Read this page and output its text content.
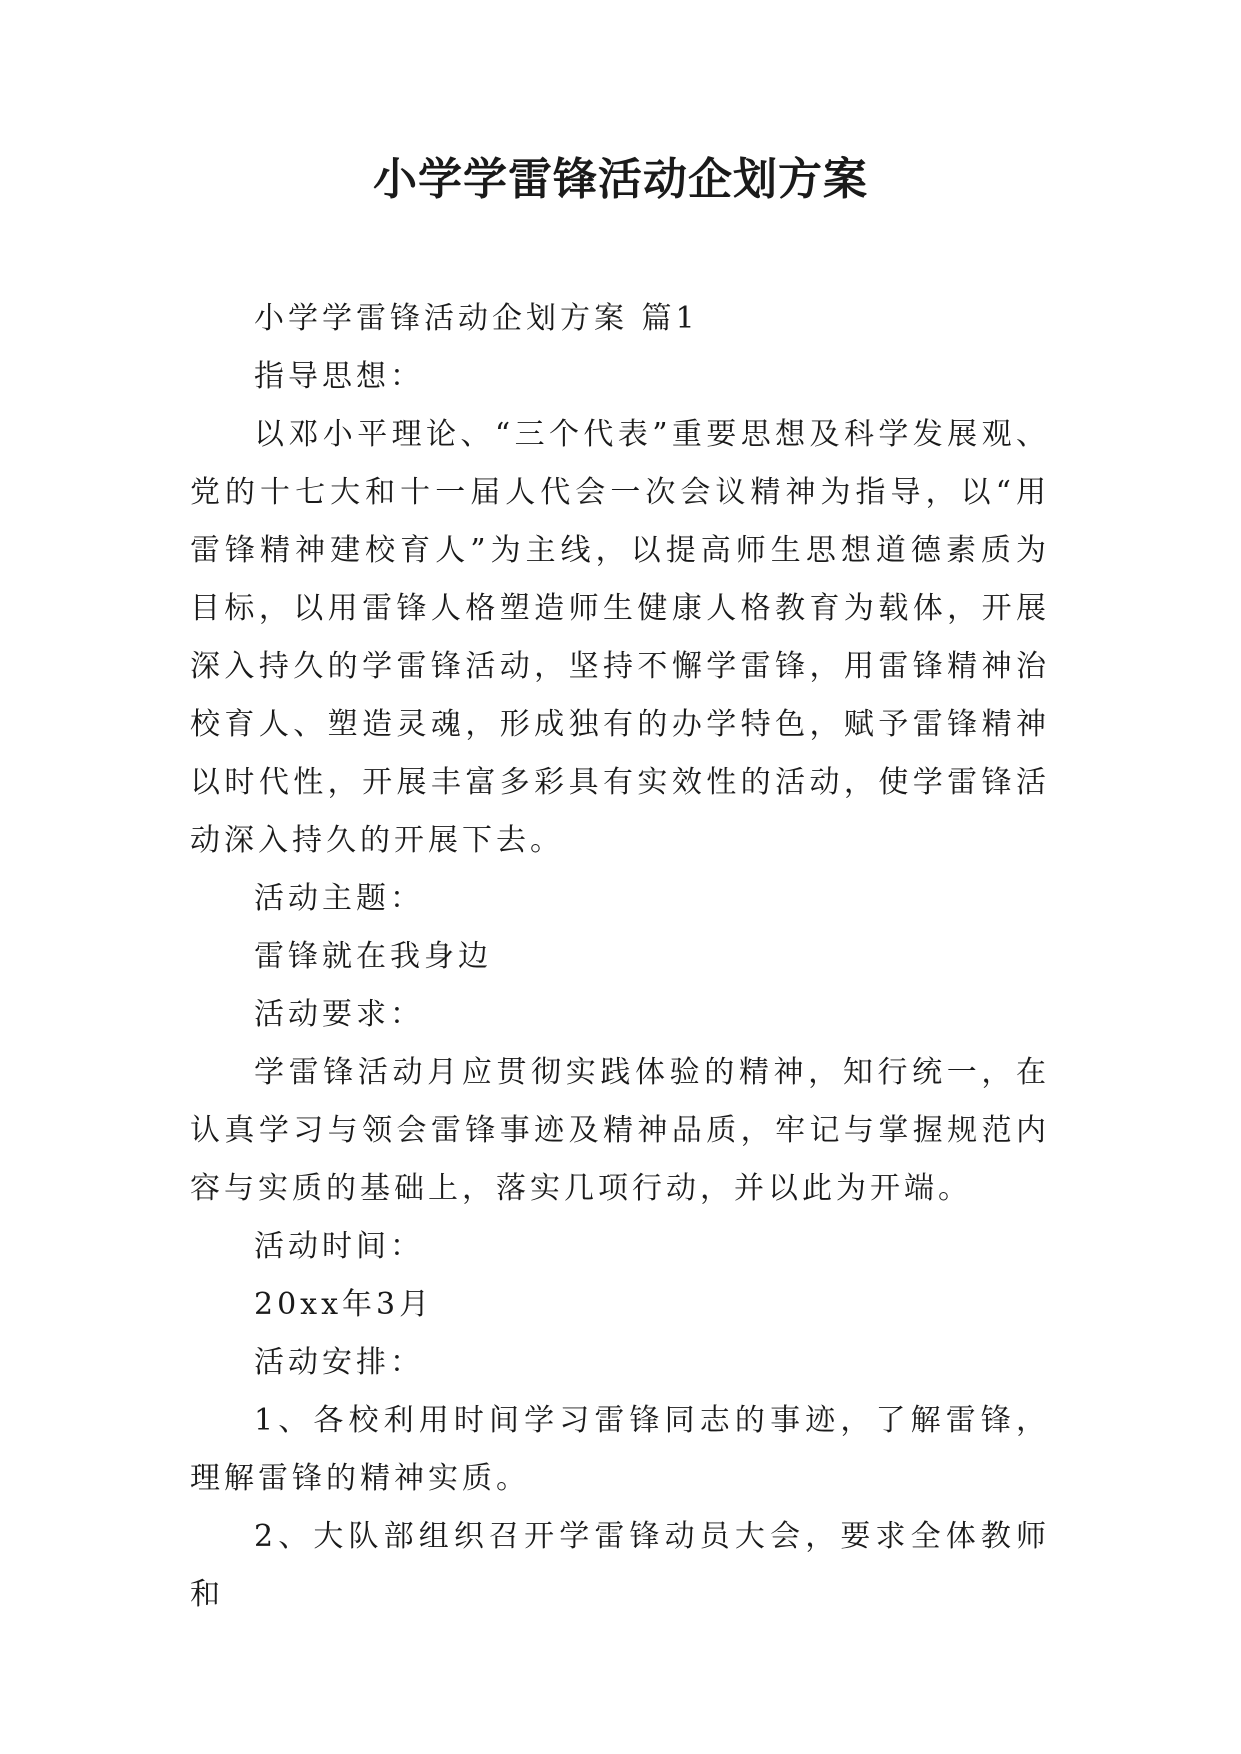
小学学雷锋活动企划方案

小学学雷锋活动企划方案 篇1

指导思想：

以邓小平理论、“三个代表”重要思想及科学发展观、党的十七大和十一届人代会一次会议精神为指导，以“用雷锋精神建校育人”为主线，以提高师生思想道德素质为目标，以用雷锋人格塑造师生健康人格教育为载体，开展深入持久的学雷锋活动，坚持不懈学雷锋，用雷锋精神治校育人、塑造灵魂，形成独有的办学特色，赋予雷锋精神以时代性，开展丰富多彩具有实效性的活动，使学雷锋活动深入持久的开展下去。

活动主题：

雷锋就在我身边

活动要求：

学雷锋活动月应贯彻实践体验的精神，知行统一，在认真学习与领会雷锋事迹及精神品质，牢记与掌握规范内容与实质的基础上，落实几项行动，并以此为开端。

活动时间：

20xx年3月

活动安排：

1、各校利用时间学习雷锋同志的事迹，了解雷锋，理解雷锋的精神实质。

2、大队部组织召开学雷锋动员大会，要求全体教师和
